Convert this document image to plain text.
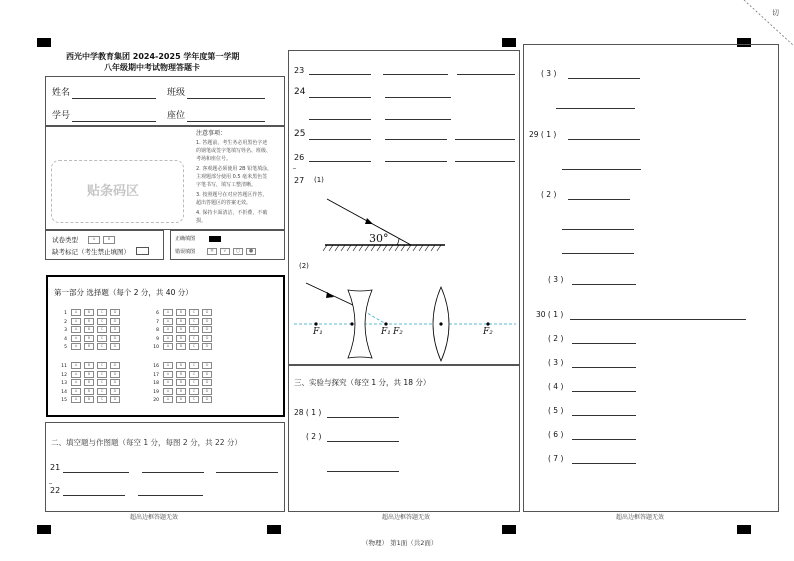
切
西光中学教育集团 2024-2025 学年度第一学期
八年级期中考试物理答题卡
姓名	班级
学号	座位
贴条码区
注意事项：
1. 答题前，考生务必用黑色字迹
的钢笔或签字笔填写姓名、班级、
考场和座位号。
2. 客观题必须使用 2B 铅笔填涂，
主观题部分使用 0.5 毫米黑色签
字笔书写，填写工整清晰。
3. 按照题号在对应答题区作答，
超出答题区的答案无效。
4. 保持卡面清洁，不折叠，不破
损。
试卷类型	A	B
缺考标记（考生禁止填图）
正确填图
错误填图	× √ ○ ●
第一部分 选择题（每个 2 分，共 40 分）
1 A	B	C	D
2 A	B	C	D
3 A	B	C	D
4 A	B	C	D
5 A	B	C	D
11 A	B	C	D
12 A	B	C	D
13 A	B	C	D
14 A	B	C	D
15 A	B	C	D
6 A	B	C	D
7 A	B	C	D
8 A	B	C	D
9 A	B	C	D
10 A	B	C	D
16 A	B	C	D
17 A	B	C	D
18 A	B	C	D
19 A	B	C	D
20 A	B	C	D
二、填空题与作图题（每空 1 分，每图 2 分，共 22 分）
21
_
22
超出边框答题无效
23
24
25
26
_
27 (1)
30°
(2)
F₁	F₁ F₂	F₂
三、实验与探究（每空 1 分，共 18 分）
28 ( 1 )
( 2 )
超出边框答题无效
( 3 )
29 ( 1 )
( 2 )
( 3 )
30 ( 1 )
( 2 )
( 3 )
( 4 )
( 5 )
( 6 )
( 7 )
超出边框答题无效
（物理） 第1面（共2面）
